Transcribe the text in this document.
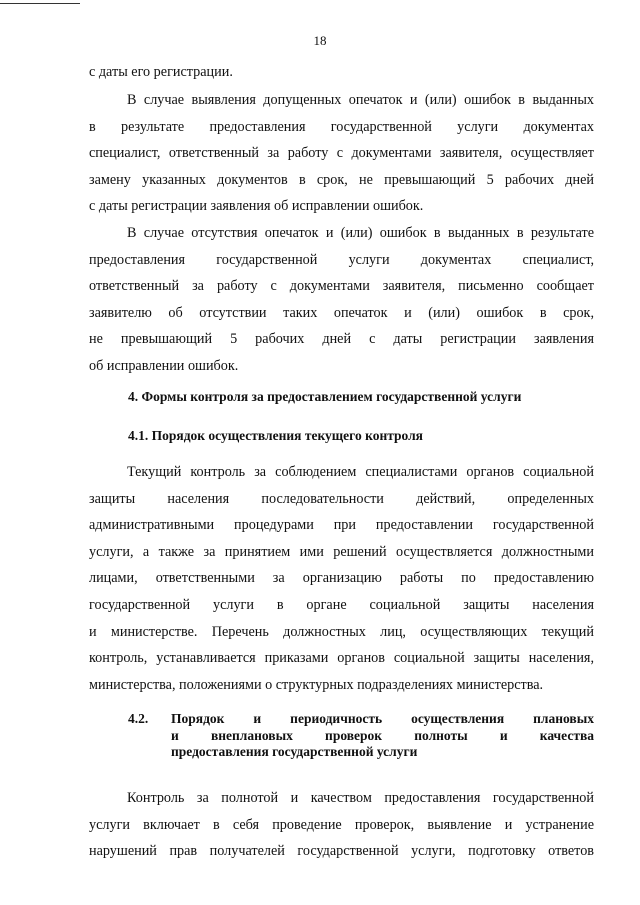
18

с даты его регистрации.

В случае выявления допущенных опечаток и (или) ошибок в выданных

в результате предоставления государственной услуги документах

специалист, ответственный за работу с документами заявителя, осуществляет

замену указанных документов в срок, не превышающий 5 рабочих дней

с даты регистрации заявления об исправлении ошибок.

В случае отсутствия опечаток и (или) ошибок в выданных в результате

предоставления государственной услуги документах специалист,

ответственный за работу с документами заявителя, письменно сообщает

заявителю об отсутствии таких опечаток и (или) ошибок в срок,

не превышающий 5 рабочих дней с даты регистрации заявления

об исправлении ошибок.

4. Формы контроля за предоставлением государственной услуги
4.1. Порядок осуществления текущего контроля

Текущий контроль за соблюдением специалистами органов социальной

защиты населения последовательности действий, определенных

административными процедурами при предоставлении государственной

услуги, а также за принятием ими решений осуществляется должностными

лицами, ответственными за организацию работы по предоставлению

государственной услуги в органе социальной защиты населения

и министерстве. Перечень должностных лиц, осуществляющих текущий

контроль, устанавливается приказами органов социальной защиты населения,

министерства, положениями о структурных подразделениях министерства.

4.2. Порядок и периодичность осуществления плановых

и внеплановых проверок полноты и качества

предоставления государственной услуги

Контроль за полнотой и качеством предоставления государственной

услуги включает в себя проведение проверок, выявление и устранение

нарушений прав получателей государственной услуги, подготовку ответов
